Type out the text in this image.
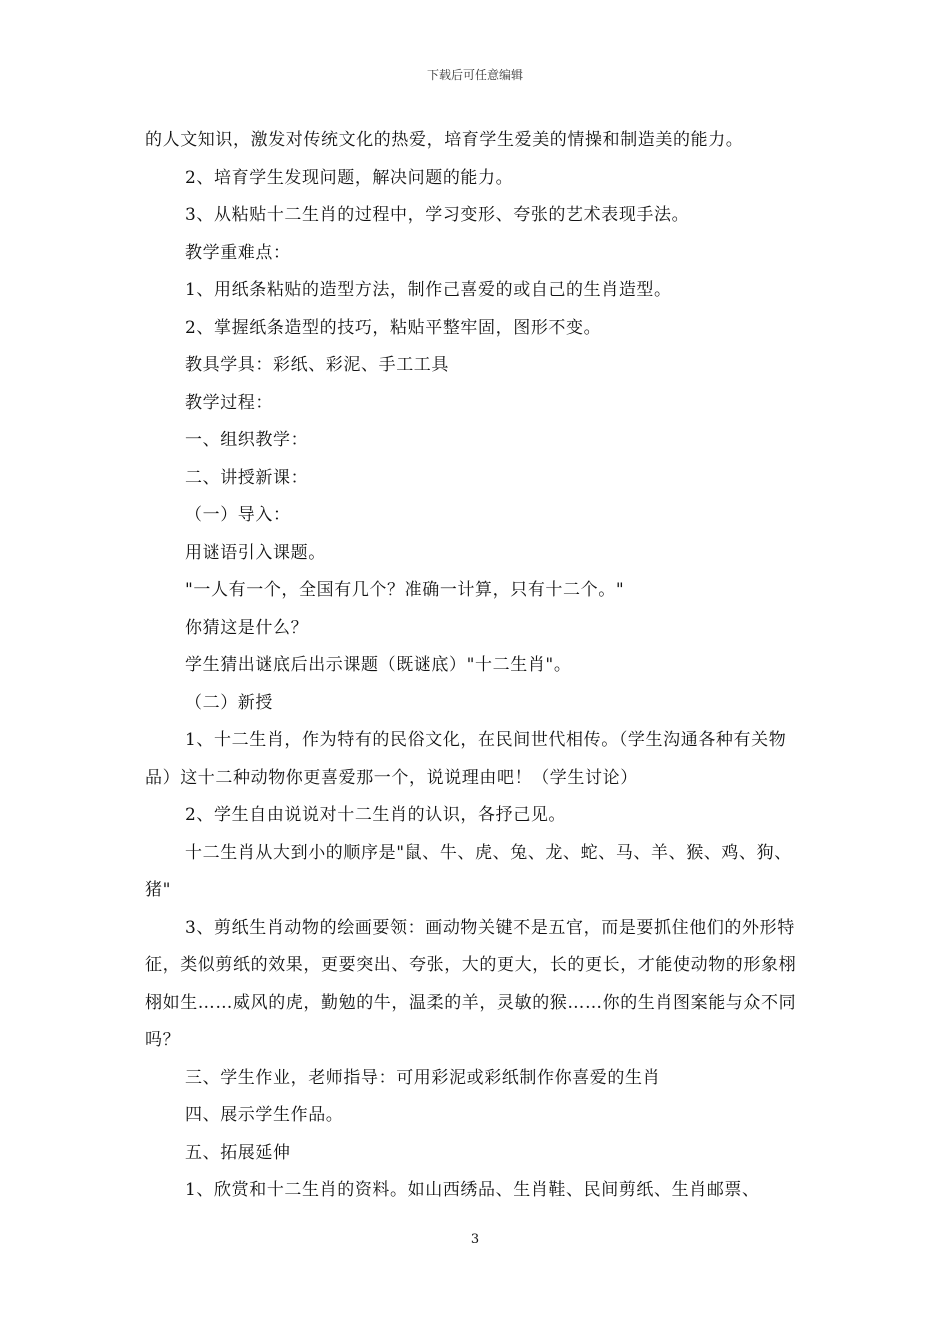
下载后可任意编辑

的人文知识，激发对传统文化的热爱，培育学生爱美的情操和制造美的能力。

2、培育学生发现问题，解决问题的能力。

3、从粘贴十二生肖的过程中，学习变形、夸张的艺术表现手法。

教学重难点：

1、用纸条粘贴的造型方法，制作己喜爱的或自己的生肖造型。

2、掌握纸条造型的技巧，粘贴平整牢固，图形不变。

教具学具：彩纸、彩泥、手工工具

教学过程：

一、组织教学：

二、讲授新课：

（一）导入：

用谜语引入课题。

"一人有一个，全国有几个？准确一计算，只有十二个。"

你猜这是什么？

学生猜出谜底后出示课题（既谜底）"十二生肖"。

（二）新授

1、十二生肖，作为特有的民俗文化，在民间世代相传。（学生沟通各种有关物品）这十二种动物你更喜爱那一个，说说理由吧！（学生讨论）

2、学生自由说说对十二生肖的认识，各抒己见。

十二生肖从大到小的顺序是"鼠、牛、虎、兔、龙、蛇、马、羊、猴、鸡、狗、猪"

3、剪纸生肖动物的绘画要领：画动物关键不是五官，而是要抓住他们的外形特征，类似剪纸的效果，更要突出、夸张，大的更大，长的更长，才能使动物的形象栩栩如生……威风的虎，勤勉的牛，温柔的羊，灵敏的猴……你的生肖图案能与众不同吗？

三、学生作业，老师指导：可用彩泥或彩纸制作你喜爱的生肖

四、展示学生作品。

五、拓展延伸

1、欣赏和十二生肖的资料。如山西绣品、生肖鞋、民间剪纸、生肖邮票、

3
